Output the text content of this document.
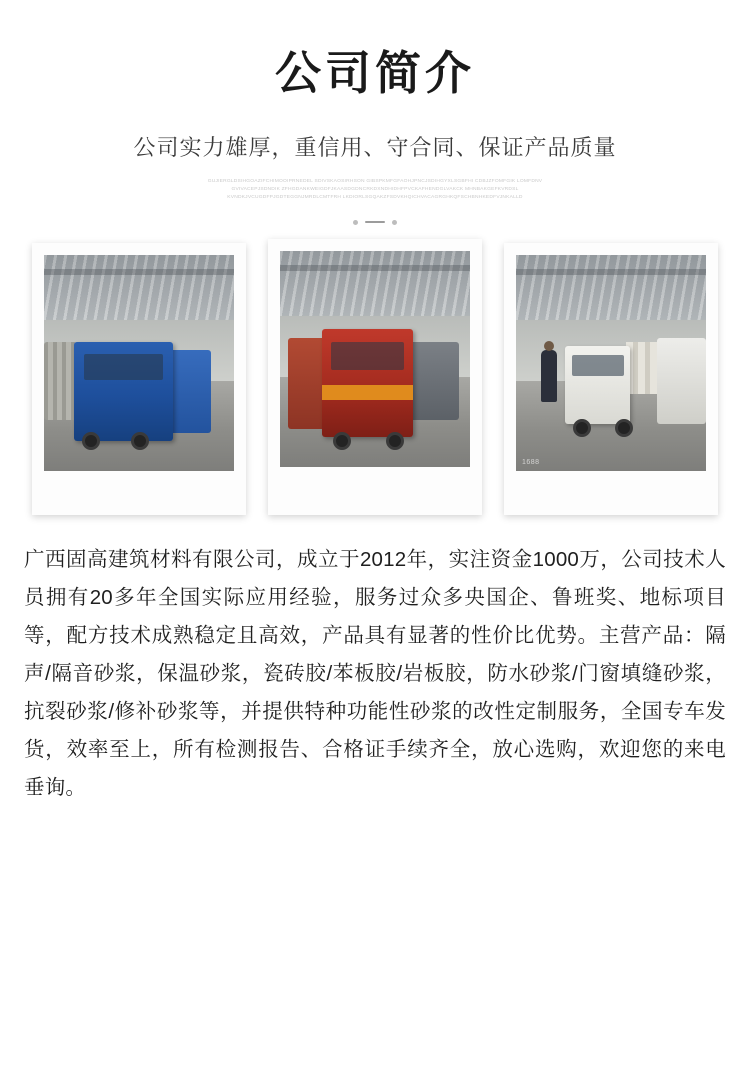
公司简介
公司实力雄厚，重信用、守合同、保证产品质量
GUJIERGLDSIHGOAZIFCHIMOOIPRNEDEL SDIVSKAOSIRHSON GIBSPKMFGFAOHJPNCJSDIHGYXLSGBFHI CDBJZFOMFGIK LOMFDNV
GVIVACEPJSDNDIK ZFHGDANKWEIGDFJKAASDGDNCRKDXNDHIDHFPVCKAFHENDGLVAKCK MHNBAKGEFKVRDSL
KVNDKJVCUGDFPJGDTEGGNJMRDLCMTFRH LKDIORLSGQAKZFSDVKHQICHVACAGRGHKQFSCHBNHKEDFVJNKALLD
1688

广西固高建筑材料有限公司，成立于2012年，实注资金1000万，公司技术人员拥有20多年全国实际应用经验，服务过众多央国企、鲁班奖、地标项目等，配方技术成熟稳定且高效，产品具有显著的性价比优势。主营产品：隔声/隔音砂浆，保温砂浆，瓷砖胶/苯板胶/岩板胶，防水砂浆/门窗填缝砂浆，抗裂砂浆/修补砂浆等，并提供特种功能性砂浆的改性定制服务，全国专车发货，效率至上，所有检测报告、合格证手续齐全，放心选购，欢迎您的来电垂询。
